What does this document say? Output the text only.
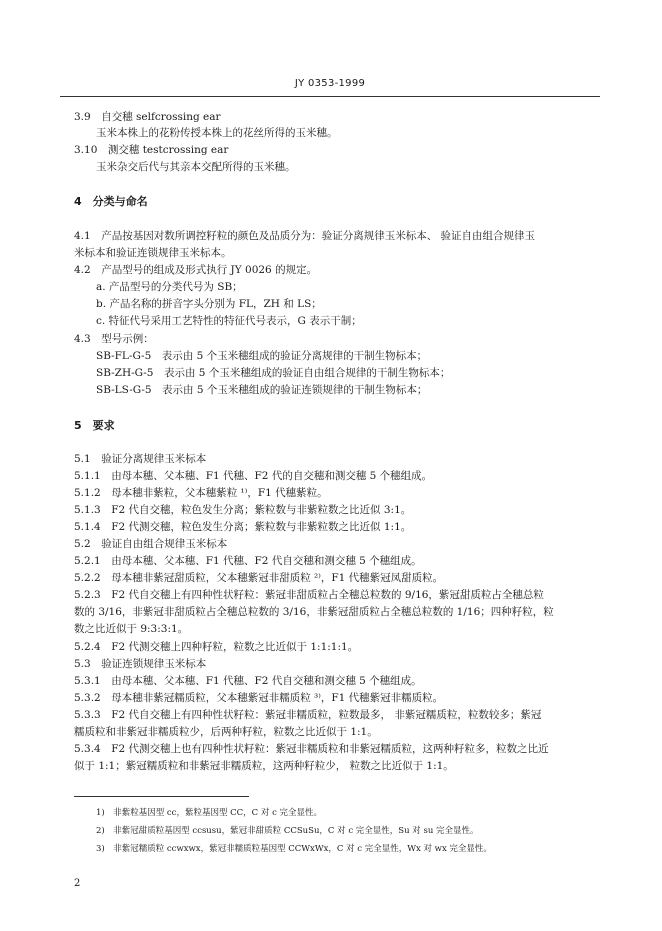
JY 0353-1999
3.9　自交穗 selfcrossing ear
玉米本株上的花粉传授本株上的花丝所得的玉米穗。
3.10　测交穗 testcrossing ear
玉米杂交后代与其亲本交配所得的玉米穗。
4　分类与命名
4.1　产品按基因对数所调控籽粒的颜色及品质分为：验证分离规律玉米标本、 验证自由组合规律玉
米标本和验证连锁规律玉米标本。
4.2　产品型号的组成及形式执行 JY 0026 的规定。
a. 产品型号的分类代号为 SB；
b. 产品名称的拼音字头分别为 FL，ZH 和 LS；
c. 特征代号采用工艺特性的特征代号表示，G 表示干制；
4.3　型号示例：
SB-FL-G-5　表示由 5 个玉米穗组成的验证分离规律的干制生物标本；
SB-ZH-G-5　表示由 5 个玉米穗组成的验证自由组合规律的干制生物标本；
SB-LS-G-5　表示由 5 个玉米穗组成的验证连锁规律的干制生物标本；
5　要求
5.1　验证分离规律玉米标本
5.1.1　由母本穗、父本穗、F1 代穗、F2 代的自交穗和测交穗 5 个穗组成。
5.1.2　母本穗非紫粒，父本穗紫粒 ¹⁾，F1 代穗紫粒。
5.1.3　F2 代自交穗，粒色发生分离；紫粒数与非紫粒数之比近似 3:1。
5.1.4　F2 代测交穗，粒色发生分离；紫粒数与非紫粒数之比近似 1:1。
5.2　验证自由组合规律玉米标本
5.2.1　由母本穗、父本穗、F1 代穗、F2 代自交穗和测交穗 5 个穗组成。
5.2.2　母本穗非紫冠甜质粒，父本穗紫冠非甜质粒 ²⁾，F1 代穗紫冠凤甜质粒。
5.2.3　F2 代自交穗上有四种性状籽粒：紫冠非甜质粒占全穗总粒数的 9/16，紫冠甜质粒占全穗总粒
数的 3/16，非紫冠非甜质粒占全穗总粒数的 3/16，非紫冠甜质粒占全穗总粒数的 1/16；四种籽粒，粒
数之比近似于 9:3:3:1。
5.2.4　F2 代测交穗上四种籽粒，粒数之比近似于 1:1:1:1。
5.3　验证连锁规律玉米标本
5.3.1　由母本穗、父本穗、F1 代穗、F2 代自交穗和测交穗 5 个穗组成。
5.3.2　母本穗非紫冠糯质粒，父本穗紫冠非糯质粒 ³⁾，F1 代穗紫冠非糯质粒。
5.3.3　F2 代自交穗上有四种性状籽粒：紫冠非糯质粒，粒数最多， 非紫冠糯质粒，粒数较多；紫冠
糯质粒和非紫冠非糯质粒少，后两种籽粒，粒数之比近似于 1:1。
5.3.4　F2 代测交穗上也有四种性状籽粒：紫冠非糯质粒和非紫冠糯质粒，这两种籽粒多，粒数之比近
似于 1:1；紫冠糯质粒和非紫冠非糯质粒，这两种籽粒少， 粒数之比近似于 1:1。
1)　非紫粒基因型 cc，紫粒基因型 CC，C 对 c 完全显性。
2)　非紫冠甜质粒基因型 ccsusu，紫冠非甜质粒 CCSuSu，C 对 c 完全显性，Su 对 su 完全显性。
3)　非紫冠糯质粒 ccwxwx，紫冠非糯质粒基因型 CCWxWx，C 对 c 完全显性，Wx 对 wx 完全显性。
2
